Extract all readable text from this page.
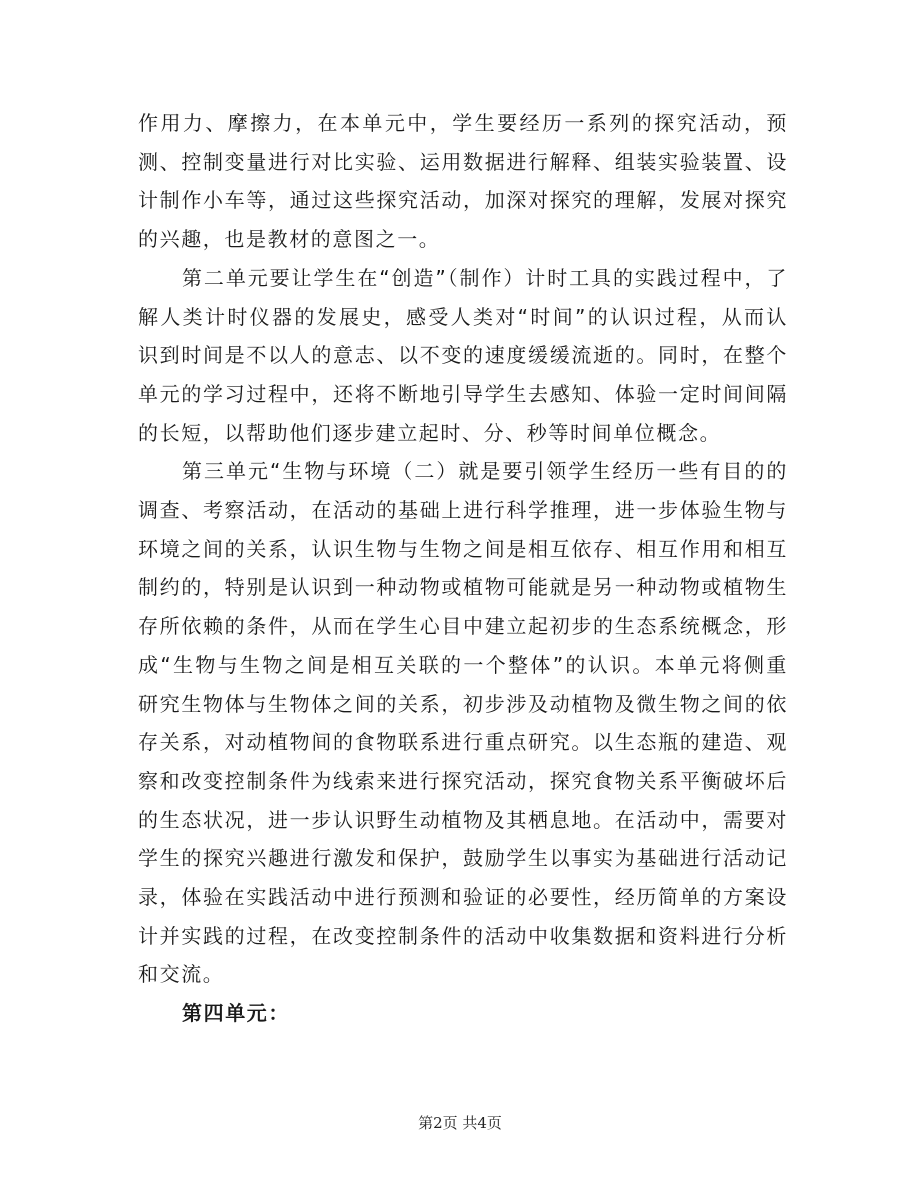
作用力、摩擦力，在本单元中，学生要经历一系列的探究活动，预测、控制变量进行对比实验、运用数据进行解释、组装实验装置、设计制作小车等，通过这些探究活动，加深对探究的理解，发展对探究的兴趣，也是教材的意图之一。

第二单元要让学生在“创造”（制作）计时工具的实践过程中，了解人类计时仪器的发展史，感受人类对“时间”的认识过程，从而认识到时间是不以人的意志、以不变的速度缓缓流逝的。同时，在整个单元的学习过程中，还将不断地引导学生去感知、体验一定时间间隔的长短，以帮助他们逐步建立起时、分、秒等时间单位概念。

第三单元“生物与环境（二）就是要引领学生经历一些有目的的调查、考察活动，在活动的基础上进行科学推理，进一步体验生物与环境之间的关系，认识生物与生物之间是相互依存、相互作用和相互制约的，特别是认识到一种动物或植物可能就是另一种动物或植物生存所依赖的条件，从而在学生心目中建立起初步的生态系统概念，形成“生物与生物之间是相互关联的一个整体”的认识。本单元将侧重研究生物体与生物体之间的关系，初步涉及动植物及微生物之间的依存关系，对动植物间的食物联系进行重点研究。以生态瓶的建造、观察和改变控制条件为线索来进行探究活动，探究食物关系平衡破坏后的生态状况，进一步认识野生动植物及其栖息地。在活动中，需要对学生的探究兴趣进行激发和保护，鼓励学生以事实为基础进行活动记录，体验在实践活动中进行预测和验证的必要性，经历简单的方案设计并实践的过程，在改变控制条件的活动中收集数据和资料进行分析和交流。

第四单元：

第2页 共4页
